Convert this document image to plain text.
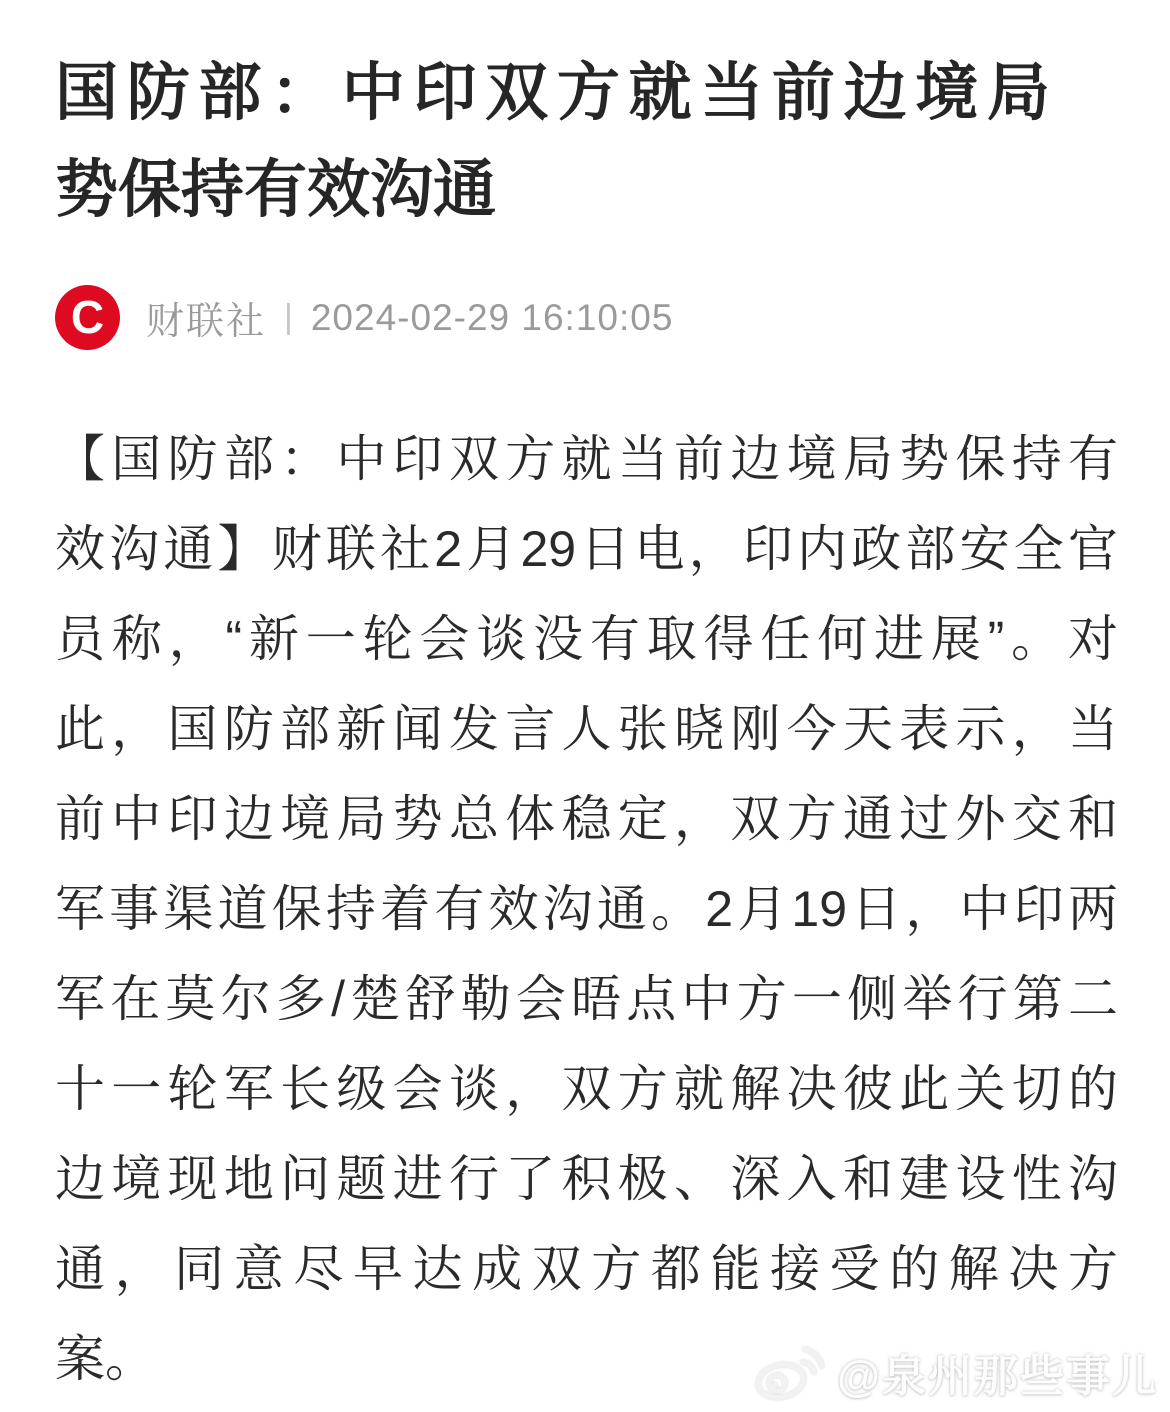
国防部：中印双方就当前边境局
势保持有效沟通
C	财联社 | 2024-02-29 16:10:05
【国防部：中印双方就当前边境局势保持有
效沟通】财联社2月29日电，印内政部安全官
员称，“新一轮会谈没有取得任何进展”。对
此，国防部新闻发言人张晓刚今天表示，当
前中印边境局势总体稳定，双方通过外交和
军事渠道保持着有效沟通。2月19日，中印两
军在莫尔多/楚舒勒会晤点中方一侧举行第二
十一轮军长级会谈，双方就解决彼此关切的
边境现地问题进行了积极、深入和建设性沟
通，同意尽早达成双方都能接受的解决方
案。	@泉州那些事儿
